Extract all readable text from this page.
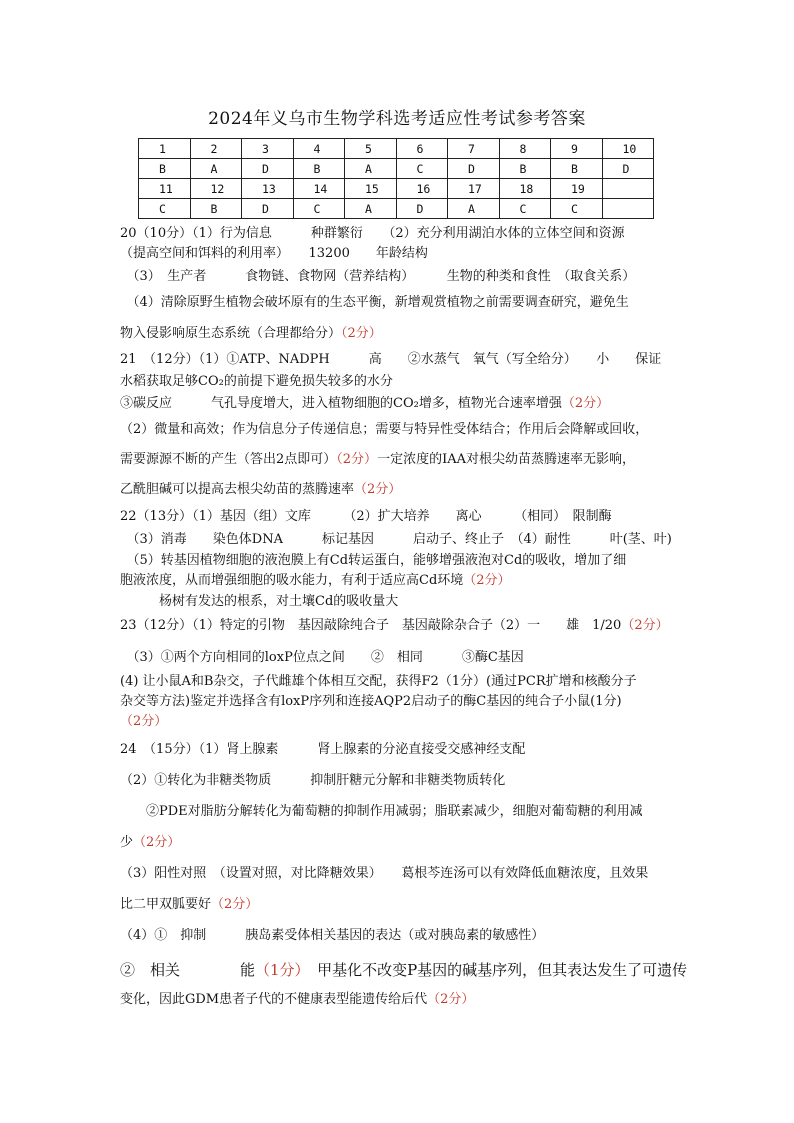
2024年义乌市生物学科选考适应性考试参考答案
1	2	3	4	5	6	7	8	9	10
B	A	D	B	A	C	D	B	B	D
11	12	13	14	15	16	17	18	19	
C	B	D	C	A	D	A	C	C	
20（10分）（1）行为信息　　　种群繁衍　　（2）充分利用湖泊水体的立体空间和资源
（提高空间和饵料的利用率）　　13200　　年龄结构
　（3）　生产者　　　食物链、食物网（营养结构）　　　生物的种类和食性　（取食关系）
　（4）清除原野生植物会破坏原有的生态平衡，新增观赏植物之前需要调查研究，避免生
物入侵影响原生态系统（合理都给分）（2分）
21　（12分）（1）①ATP、NADPH　　　高　　②水蒸气　氧气（写全给分）　　小　　保证
水稻获取足够CO₂的前提下避免损失较多的水分
③碳反应　　　气孔导度增大，进入植物细胞的CO₂增多，植物光合速率增强（2分）
（2）微量和高效；作为信息分子传递信息；需要与特异性受体结合；作用后会降解或回收，
需要源源不断的产生（答出2点即可）（2分）一定浓度的IAA对根尖幼苗蒸腾速率无影响，
乙酰胆碱可以提高去根尖幼苗的蒸腾速率（2分）
22（13分）（1）基因（组）文库　　　（2）扩大培养　　离心　　　（相同）　限制酶
　（3）消毒　　染色体DNA　　　标记基因　　　启动子、终止子　（4）耐性　　　叶(茎、叶)
　（5）转基因植物细胞的液泡膜上有Cd转运蛋白，能够增强液泡对Cd的吸收，增加了细
胞液浓度，从而增强细胞的吸水能力，有利于适应高Cd环境（2分）
　　　杨树有发达的根系，对土壤Cd的吸收量大
23（12分）（1）特定的引物　基因敲除纯合子　基因敲除杂合子（2）一　　雄　1/20（2分）
　（3）①两个方向相同的loxP位点之间　　②　相同　　　③酶C基因
(4) 让小鼠A和B杂交，子代雌雄个体相互交配，获得F2（1分）(通过PCR扩增和核酸分子
杂交等方法)鉴定并选择含有loxP序列和连接AQP2启动子的酶C基因的纯合子小鼠(1分)
（2分）
24　（15分）（1）肾上腺素　　　肾上腺素的分泌直接受交感神经支配
（2）①转化为非糖类物质　　　抑制肝糖元分解和非糖类物质转化
　　②PDE对脂肪分解转化为葡萄糖的抑制作用减弱；脂联素减少，细胞对葡萄糖的利用减
少（2分）
（3）阳性对照　（设置对照，对比降糖效果）　　葛根芩连汤可以有效降低血糖浓度，且效果
比二甲双胍要好（2分）
（4）①　抑制　　　胰岛素受体相关基因的表达（或对胰岛素的敏感性）
②　相关　　　　能（1分）　甲基化不改变P基因的碱基序列，但其表达发生了可遗传
变化，因此GDM患者子代的不健康表型能遗传给后代（2分）
